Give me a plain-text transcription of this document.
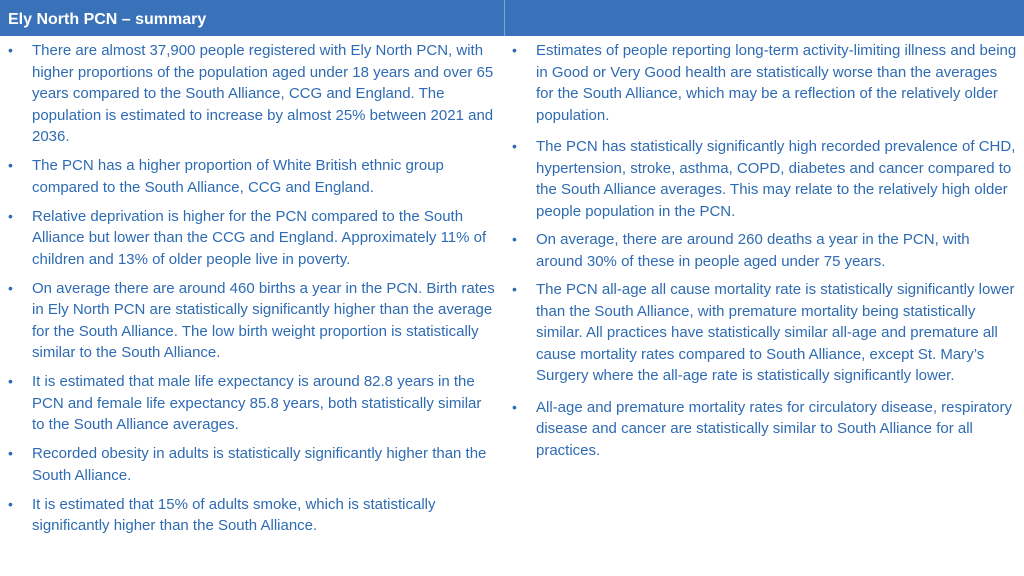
Ely North PCN – summary
• There are almost 37,900 people registered with Ely North PCN, with higher proportions of the population aged under 18 years and over 65 years compared to the South Alliance, CCG and England. The population is estimated to increase by almost 25% between 2021 and 2036.
• The PCN has a higher proportion of White British ethnic group compared to the South Alliance, CCG and England.
• Relative deprivation is higher for the PCN compared to the South Alliance but lower than the CCG and England. Approximately 11% of children and 13% of older people live in poverty.
• On average there are around 460 births a year in the PCN. Birth rates in Ely North PCN are statistically significantly higher than the average for the South Alliance. The low birth weight proportion is statistically similar to the South Alliance.
• It is estimated that male life expectancy is around 82.8 years in the PCN and female life expectancy 85.8 years, both statistically similar to the South Alliance averages.
• Recorded obesity in adults is statistically significantly higher than the South Alliance.
• It is estimated that 15% of adults smoke, which is statistically significantly higher than the South Alliance.
• Estimates of people reporting long-term activity-limiting illness and being in Good or Very Good health are statistically worse than the averages for the South Alliance, which may be a reflection of the relatively older population.
• The PCN has statistically significantly high recorded prevalence of CHD, hypertension, stroke, asthma, COPD, diabetes and cancer compared to the South Alliance averages. This may relate to the relatively high older people population in the PCN.
• On average, there are around 260 deaths a year in the PCN, with around 30% of these in people aged under 75 years.
• The PCN all-age all cause mortality rate is statistically significantly lower than the South Alliance, with premature mortality being statistically similar. All practices have statistically similar all-age and premature all cause mortality rates compared to South Alliance, except St. Mary’s Surgery where the all-age rate is statistically significantly lower.
• All-age and premature mortality rates for circulatory disease, respiratory disease and cancer are statistically similar to South Alliance for all practices.
